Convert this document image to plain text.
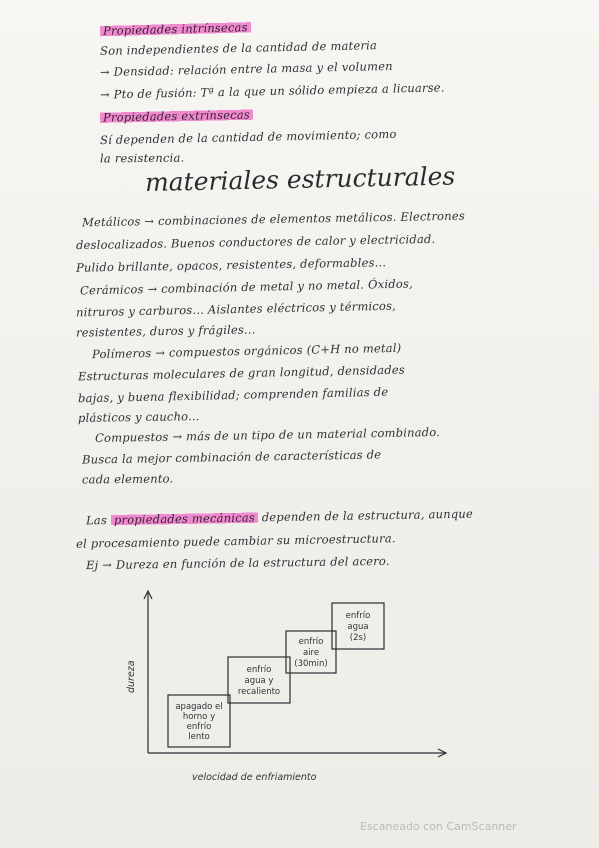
Propiedades intrínsecas
Son independientes de la cantidad de materia
→ Densidad: relación entre la masa y el volumen
→ Pto de fusión: Tª a la que un sólido empieza a licuarse.
Propiedades extrínsecas
Sí dependen de la cantidad de movimiento; como
la resistencia.
materiales estructurales
Metálicos → combinaciones de elementos metálicos. Electrones
deslocalizados. Buenos conductores de calor y electricidad.
Pulido brillante, opacos, resistentes, deformables...
Cerámicos → combinación de metal y no metal. Óxidos,
nitruros y carburos... Aislantes eléctricos y térmicos,
resistentes, duros y frágiles...
Polímeros → compuestos orgánicos (C+H no metal)
Estructuras moleculares de gran longitud, densidades
bajas, y buena flexibilidad; comprenden familias de
plásticos y caucho...
Compuestos → más de un tipo de un material combinado.
Busca la mejor combinación de características de
cada elemento.
Las propiedades mecánicas dependen de la estructura, aunque
el procesamiento puede cambiar su microestructura.
Ej → Dureza en función de la estructura del acero.
dureza
velocidad de enfriamiento
apagado el
horno y
enfrío
lento
enfrío
agua y
recaliento
enfrío
aire
(30min)
enfrío
agua
(2s)
Escaneado con CamScanner
